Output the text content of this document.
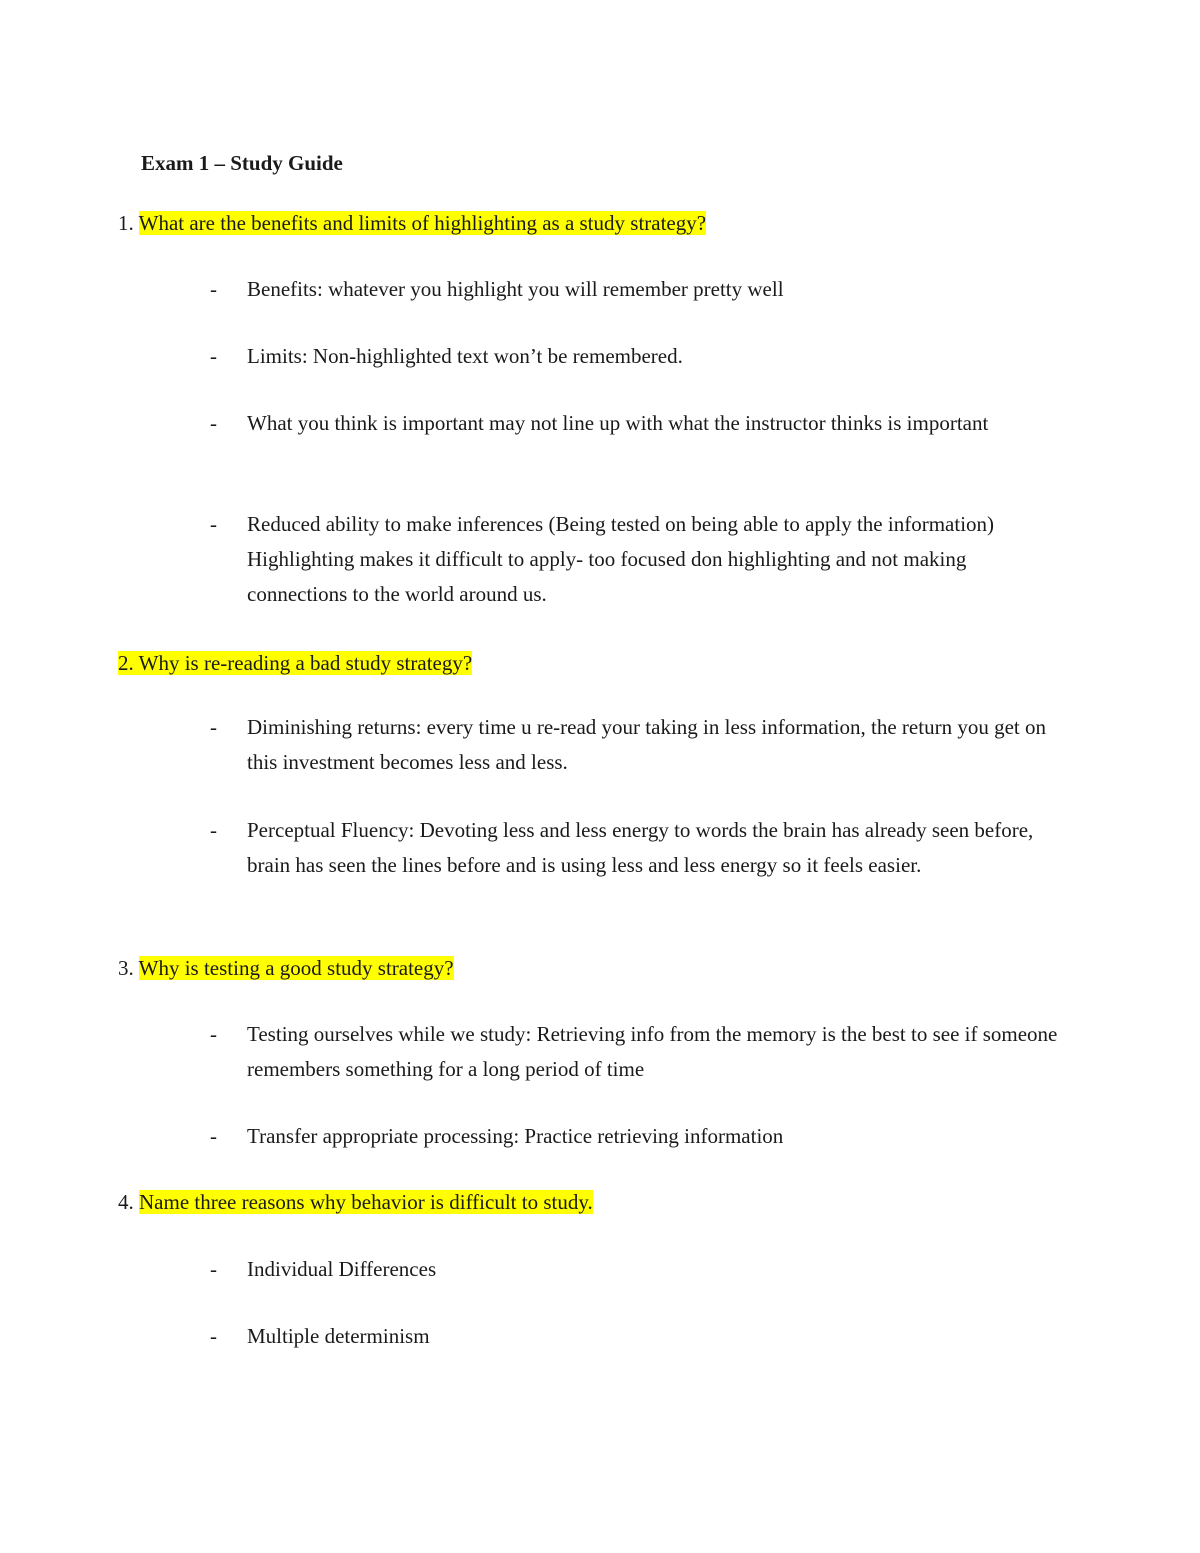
Exam 1 – Study Guide
1. What are the benefits and limits of highlighting as a study strategy?
-	Benefits: whatever you highlight you will remember pretty well
-	Limits: Non-highlighted text won’t be remembered.
-	What you think is important may not line up with what the instructor thinks is important
-	Reduced ability to make inferences (Being tested on being able to apply the information) Highlighting makes it difficult to apply- too focused don highlighting and not making connections to the world around us.
2. Why is re-reading a bad study strategy?
-	Diminishing returns: every time u re-read your taking in less information, the return you get on this investment becomes less and less.
-	Perceptual Fluency: Devoting less and less energy to words the brain has already seen before, brain has seen the lines before and is using less and less energy so it feels easier.
3. Why is testing a good study strategy?
-	Testing ourselves while we study: Retrieving info from the memory is the best to see if someone remembers something for a long period of time
-	Transfer appropriate processing: Practice retrieving information
4. Name three reasons why behavior is difficult to study.
-	Individual Differences
-	Multiple determinism
